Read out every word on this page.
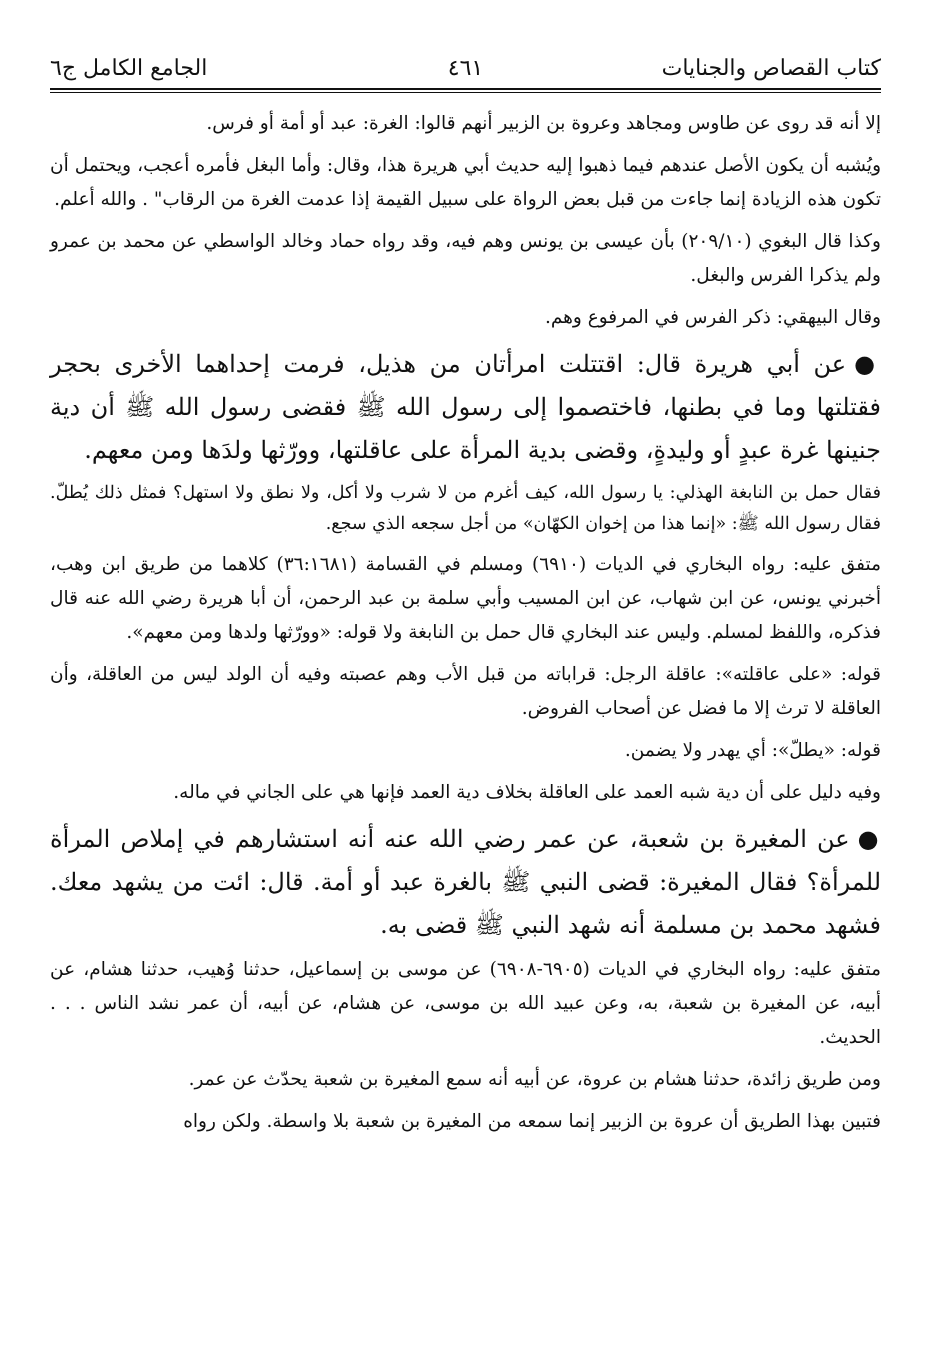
كتاب القصاص والجنايات
٤٦١
الجامع الكامل ج٦

إلا أنه قد روى عن طاوس ومجاهد وعروة بن الزبير أنهم قالوا: الغرة: عبد أو أمة أو فرس.

ويُشبه أن يكون الأصل عندهم فيما ذهبوا إليه حديث أبي هريرة هذا، وقال: وأما البغل فأمره أعجب، ويحتمل أن تكون هذه الزيادة إنما جاءت من قبل بعض الرواة على سبيل القيمة إذا عدمت الغرة من الرقاب" . والله أعلم.

وكذا قال البغوي (٢٠٩/١٠) بأن عيسى بن يونس وهم فيه، وقد رواه حماد وخالد الواسطي عن محمد بن عمرو ولم يذكرا الفرس والبغل.

وقال البيهقي: ذكر الفرس في المرفوع وهم.

●عن أبي هريرة قال: اقتتلت امرأتان من هذيل، فرمت إحداهما الأخرى بحجر فقتلتها وما في بطنها، فاختصموا إلى رسول الله ﷺ فقضى رسول الله ﷺ أن دية جنينها غرة عبدٍ أو وليدةٍ، وقضى بدية المرأة على عاقلتها، وورّثها ولدَها ومن معهم.

فقال حمل بن النابغة الهذلي: يا رسول الله، كيف أغرم من لا شرب ولا أكل، ولا نطق ولا استهل؟ فمثل ذلك يُطلّ. فقال رسول الله ﷺ: «إنما هذا من إخوان الكهّان» من أجل سجعه الذي سجع.

متفق عليه: رواه البخاري في الديات (٦٩١٠) ومسلم في القسامة (٣٦:١٦٨١) كلاهما من طريق ابن وهب، أخبرني يونس، عن ابن شهاب، عن ابن المسيب وأبي سلمة بن عبد الرحمن، أن أبا هريرة رضي الله عنه قال فذكره، واللفظ لمسلم. وليس عند البخاري قال حمل بن النابغة ولا قوله: «وورّثها ولدها ومن معهم».

قوله: «على عاقلته»: عاقلة الرجل: قراباته من قبل الأب وهم عصبته وفيه أن الولد ليس من العاقلة، وأن العاقلة لا ترث إلا ما فضل عن أصحاب الفروض.

قوله: «يطلّ»: أي يهدر ولا يضمن.

وفيه دليل على أن دية شبه العمد على العاقلة بخلاف دية العمد فإنها هي على الجاني في ماله.

●عن المغيرة بن شعبة، عن عمر رضي الله عنه أنه استشارهم في إملاص المرأة للمرأة؟ فقال المغيرة: قضى النبي ﷺ بالغرة عبد أو أمة. قال: ائت من يشهد معك. فشهد محمد بن مسلمة أنه شهد النبي ﷺ قضى به.

متفق عليه: رواه البخاري في الديات (٦٩٠٥-٦٩٠٨) عن موسى بن إسماعيل، حدثنا وُهيب، حدثنا هشام، عن أبيه، عن المغيرة بن شعبة، به، وعن عبيد الله بن موسى، عن هشام، عن أبيه، أن عمر نشد الناس . . . الحديث.

ومن طريق زائدة، حدثنا هشام بن عروة، عن أبيه أنه سمع المغيرة بن شعبة يحدّث عن عمر.

فتبين بهذا الطريق أن عروة بن الزبير إنما سمعه من المغيرة بن شعبة بلا واسطة. ولكن رواه
